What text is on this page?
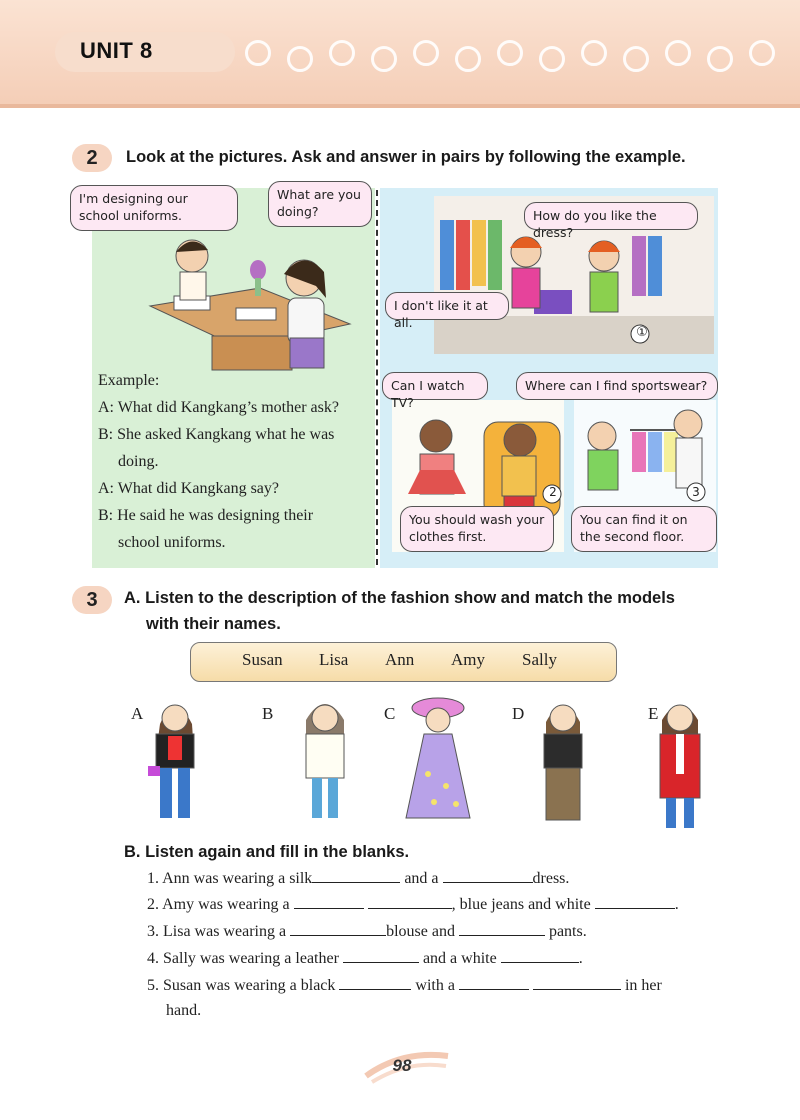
UNIT 8
2	Look at the pictures. Ask and answer in pairs by following the example.
I'm designing our school uniforms.
What are you doing?
Example:
A: What did Kangkang’s mother ask?
B: She asked Kangkang what he was
doing.
A: What did Kangkang say?
B: He said he was designing their
school uniforms.
How do you like the dress?
I don't like it at all.
①
Can I watch TV?
You should wash your clothes first.
2
Where can I find sportswear?
You can find it on the second floor.
3
3	A. Listen to the description of the fashion show and match the models
with their names.
Susan Lisa Ann Amy Sally
A	B	C	D	E
B. Listen again and fill in the blanks.
1. Ann was wearing a silk	and a	dress.
2. Amy was wearing a	, blue jeans and white	.
3. Lisa was wearing a	blouse and	pants.
4. Sally was wearing a leather	and a white	.
5. Susan was wearing a black	with a	in her
hand.
98
